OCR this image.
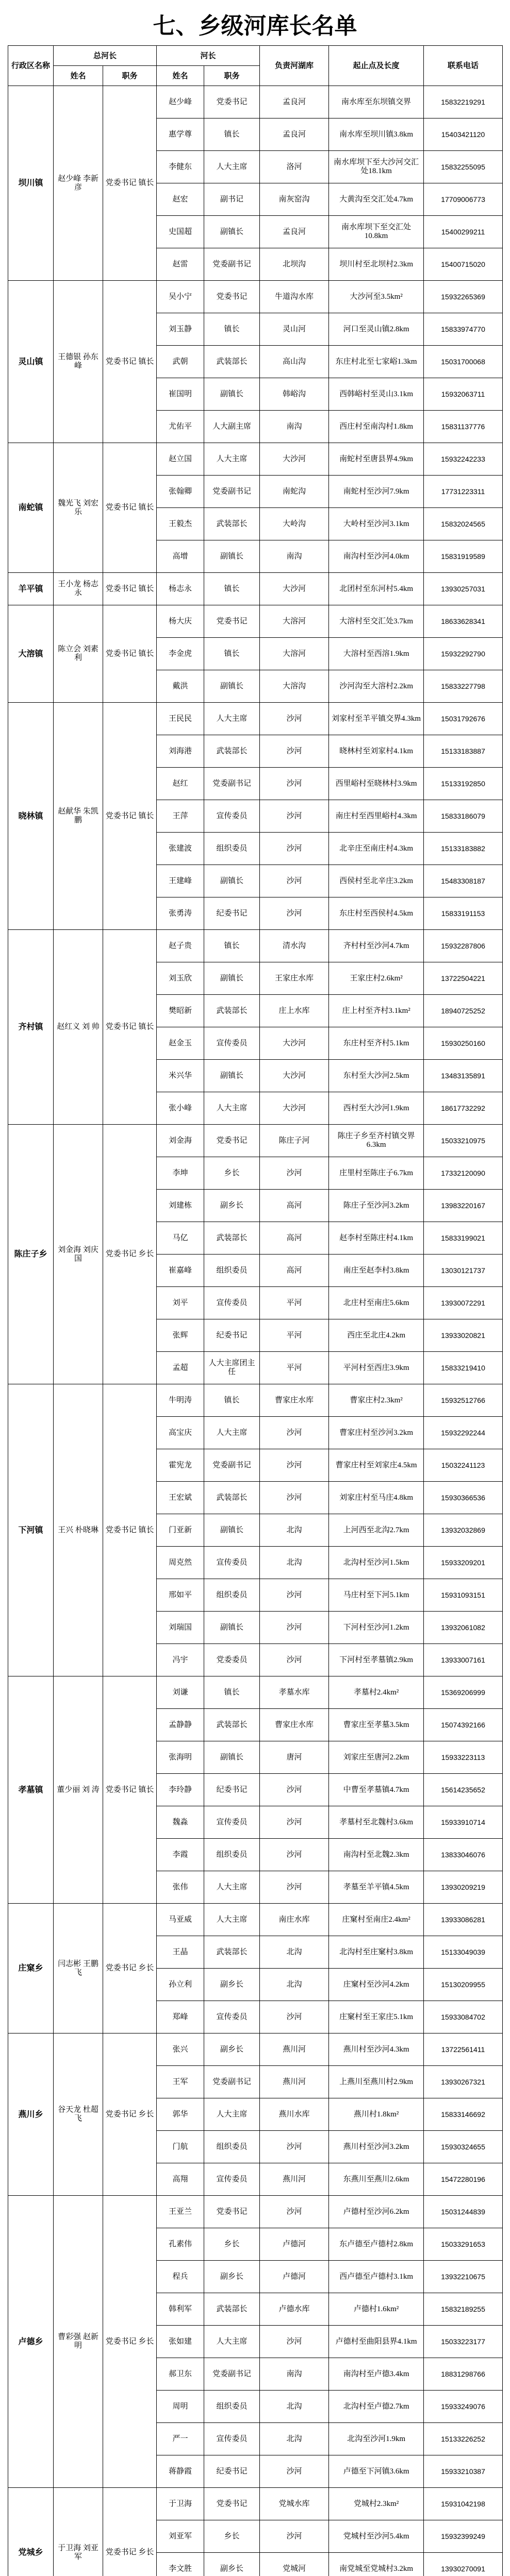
七、乡级河库长名单
行政区名称	总河长		河长		负责河湖库	起止点及长度	联系电话
	姓名	职务	姓名	职务			
坝川镇	赵少峰 李新彦	党委书记 镇长	赵少峰	党委书记	孟良河	南水库至东坝镇交界	15832219291
			惠学尊	镇长	孟良河	南水库至坝川镇3.8km	15403421120
			李健东	人大主席	洛河	南水库坝下至大沙河交汇处18.1km	15832255095
			赵宏	副书记	南灰窑沟	大黄沟至交汇处4.7km	17709006773
			史国超	副镇长	孟良河	南水库坝下至交汇处10.8km	15400299211
			赵雷	党委副书记	北坝沟	坝川村至北坝村2.3km	15400715020
灵山镇	王德银 孙东峰	党委书记 镇长	吴小宁	党委书记	牛道沟水库	大沙河至3.5km²	15932265369
			刘玉静	镇长	灵山河	河口至灵山镇2.8km	15833974770
			武朝	武装部长	高山沟	东庄村北至七家峪1.3km	15031700068
			崔国明	副镇长	韩峪沟	西韩峪村至灵山3.1km	15932063711
			尤佑平	人大副主席	南沟	西庄村至南沟村1.8km	15831137776
南蛇镇	魏光飞 刘宏乐	党委书记 镇长	赵立国	人大主席	大沙河	南蛇村至唐县界4.9km	15932242233
			张翰卿	党委副书记	南蛇沟	南蛇村至沙河7.9km	17731223311
			王毅杰	武装部长	大岭沟	大岭村至沙河3.1km	15832024565
			高增	副镇长	南沟	南沟村至沙河4.0km	15831919589
羊平镇	王小龙 杨志永	党委书记 镇长	杨志永	镇长	大沙河	北团村至东河村5.4km	13930257031
大溶镇	陈立会 刘素利	党委书记 镇长	杨大庆	党委书记	大溶河	大溶村至交汇处3.7km	18633628341
			李金虎	镇长	大溶河	大溶村至西溶1.9km	15932292790
			戴洪	副镇长	大溶沟	沙河沟至大溶村2.2km	15833227798
晓林镇	赵献华 朱凯鹏	党委书记 镇长	王民民	人大主席	沙河	刘家村至羊平镇交界4.3km	15031792676
			刘海港	武装部长	沙河	晓林村至刘家村4.1km	15133183887
			赵红	党委副书记	沙河	西里峪村至晓林村3.9km	15133192850
			王萍	宣传委员	沙河	南庄村至西里峪村4.3km	15833186079
			张建波	组织委员	沙河	北辛庄至南庄村4.3km	15133183882
			王建峰	副镇长	沙河	西侯村至北辛庄3.2km	15483308187
			张勇涛	纪委书记	沙河	东庄村至西侯村4.5km	15833191153
齐村镇	赵红义 刘 帅	党委书记 镇长	赵子贵	镇长	清水沟	齐村村至沙河4.7km	15932287806
			刘玉欣	副镇长	王家庄水库	王家庄村2.6km²	13722504221
			樊昭新	武装部长	庄上水库	庄上村至齐村3.1km²	18940725252
			赵金玉	宣传委员	大沙河	东庄村至齐村5.1km	15930250160
			米兴华	副镇长	大沙河	东村至大沙河2.5km	13483135891
			张小峰	人大主席	大沙河	西村至大沙河1.9km	18617732292
陈庄子乡	刘金海 刘庆国	党委书记 乡长	刘金海	党委书记	陈庄子河	陈庄子乡至齐村镇交界6.3km	15033210975
			李坤	乡长	沙河	庄里村至陈庄子6.7km	17332120090
			刘建栋	副乡长	高河	陈庄子至沙河3.2km	13983220167
			马亿	武装部长	高河	赵李村至陈庄村4.1km	15833199021
			崔嘉峰	组织委员	高河	南庄至赵李村3.8km	13030121737
			刘平	宣传委员	平河	北庄村至南庄5.6km	13930072291
			张辉	纪委书记	平河	西庄至北庄4.2km	13933020821
			孟超	人大主席团主任	平河	平河村至西庄3.9km	15833219410
下河镇	王兴 朴晓琳	党委书记 镇长	牛明涛	镇长	曹家庄水库	曹家庄村2.3km²	15932512766
			高宝庆	人大主席	沙河	曹家庄村至沙河3.2km	15932292244
			霍宪龙	党委副书记	沙河	曹家庄村至刘家庄4.5km	15032241123
			王宏斌	武装部长	沙河	刘家庄村至马庄4.8km	15930366536
			门亚新	副镇长	北沟	上河西至北沟2.7km	13932032869
			周克然	宣传委员	北沟	北沟村至沙河1.5km	15933209201
			邢如平	组织委员	沙河	马庄村至下河5.1km	15931093151
			刘瑞国	副镇长	沙河	下河村至沙河1.2km	13932061082
			冯宇	党委委员	沙河	下河村至孝墓镇2.9km	13933007161
孝墓镇	董少丽 刘 涛	党委书记 镇长	刘谦	镇长	孝墓水库	孝墓村2.4km²	15369206999
			孟静静	武装部长	曹家庄水库	曹家庄至孝墓3.5km	15074392166
			张海明	副镇长	唐河	刘家庄至唐河2.2km	15933223113
			李玲静	纪委书记	沙河	中曹至孝墓镇4.7km	15614235652
			魏淼	宣传委员	沙河	孝墓村至北魏村3.6km	15933910714
			李霞	组织委员	沙河	南沟村至北魏2.3km	13833046076
			张伟	人大主席	沙河	孝墓至羊平镇4.5km	13930209219
庄窠乡	闫志彬 王鹏飞	党委书记 乡长	马亚威	人大主席	南庄水库	庄窠村至南庄2.4km²	13933086281
			王晶	武装部长	北沟	北沟村至庄窠村3.8km	15133049039
			孙立利	副乡长	北沟	庄窠村至沙河4.2km	15130209955
			郑峰	宣传委员	沙河	庄窠村至王家庄5.1km	15933084702
燕川乡	谷天龙 杜超飞	党委书记 乡长	张兴	副乡长	燕川河	燕川村至沙河4.3km	13722561411
			王军	党委副书记	燕川河	上燕川至燕川村2.9km	13930267321
			郭华	人大主席	燕川水库	燕川村1.8km²	15833146692
			门航	组织委员	沙河	燕川村至沙河3.2km	15930324655
			高翔	宣传委员	燕川河	东燕川至燕川2.6km	15472280196
卢德乡	曹彩强 赵新明	党委书记 乡长	王亚兰	党委书记	沙河	卢德村至沙河6.2km	15031244839
			孔素伟	乡长	卢德河	东卢德至卢德村2.8km	15033291653
			程兵	副乡长	卢德河	西卢德至卢德村3.1km	13932210675
			韩利军	武装部长	卢德水库	卢德村1.6km²	15832189255
			张如建	人大主席	沙河	卢德村至曲阳县界4.1km	15033223177
			郝卫东	党委副书记	南沟	南沟村至卢德3.4km	18831298766
			周明	组织委员	北沟	北沟村至卢德2.7km	15933249076
			严一	宣传委员	北沟	北沟至沙河1.9km	15133226252
			蒋静霞	纪委书记	沙河	卢德至下河镇3.6km	15933210387
党城乡	于卫海 刘亚军	党委书记 乡长	于卫海	党委书记	党城水库	党城村2.3km²	15931042198
			刘亚军	乡长	沙河	党城村至沙河5.4km	15932399249
			李文胜	副乡长	党城河	南党城至党城村3.2km	13930270091
